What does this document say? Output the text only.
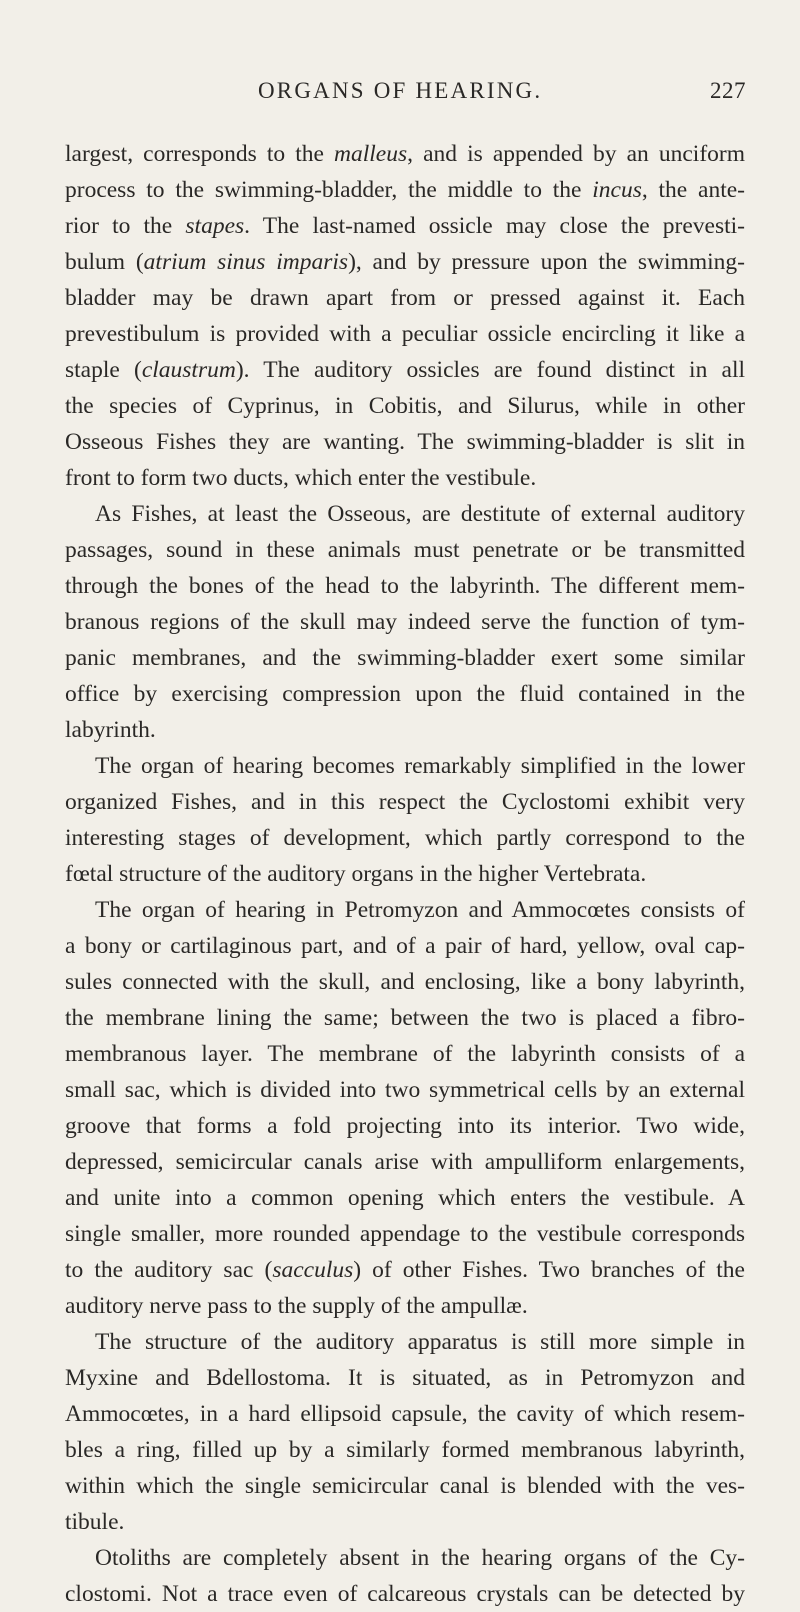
ORGANS OF HEARING.	227
largest, corresponds to the malleus, and is appended by an unciform
process to the swimming-bladder, the middle to the incus, the ante-
rior to the stapes. The last-named ossicle may close the prevesti-
bulum (atrium sinus imparis), and by pressure upon the swimming-
bladder may be drawn apart from or pressed against it. Each
prevestibulum is provided with a peculiar ossicle encircling it like a
staple (claustrum). The auditory ossicles are found distinct in all
the species of Cyprinus, in Cobitis, and Silurus, while in other
Osseous Fishes they are wanting. The swimming-bladder is slit in
front to form two ducts, which enter the vestibule.
As Fishes, at least the Osseous, are destitute of external auditory
passages, sound in these animals must penetrate or be transmitted
through the bones of the head to the labyrinth. The different mem-
branous regions of the skull may indeed serve the function of tym-
panic membranes, and the swimming-bladder exert some similar
office by exercising compression upon the fluid contained in the
labyrinth.
The organ of hearing becomes remarkably simplified in the lower
organized Fishes, and in this respect the Cyclostomi exhibit very
interesting stages of development, which partly correspond to the
fœtal structure of the auditory organs in the higher Vertebrata.
The organ of hearing in Petromyzon and Ammocœtes consists of
a bony or cartilaginous part, and of a pair of hard, yellow, oval cap-
sules connected with the skull, and enclosing, like a bony labyrinth,
the membrane lining the same; between the two is placed a fibro-
membranous layer. The membrane of the labyrinth consists of a
small sac, which is divided into two symmetrical cells by an external
groove that forms a fold projecting into its interior. Two wide,
depressed, semicircular canals arise with ampulliform enlargements,
and unite into a common opening which enters the vestibule. A
single smaller, more rounded appendage to the vestibule corresponds
to the auditory sac (sacculus) of other Fishes. Two branches of the
auditory nerve pass to the supply of the ampullæ.
The structure of the auditory apparatus is still more simple in
Myxine and Bdellostoma. It is situated, as in Petromyzon and
Ammocœtes, in a hard ellipsoid capsule, the cavity of which resem-
bles a ring, filled up by a similarly formed membranous labyrinth,
within which the single semicircular canal is blended with the ves-
tibule.
Otoliths are completely absent in the hearing organs of the Cy-
clostomi. Not a trace even of calcareous crystals can be detected by
